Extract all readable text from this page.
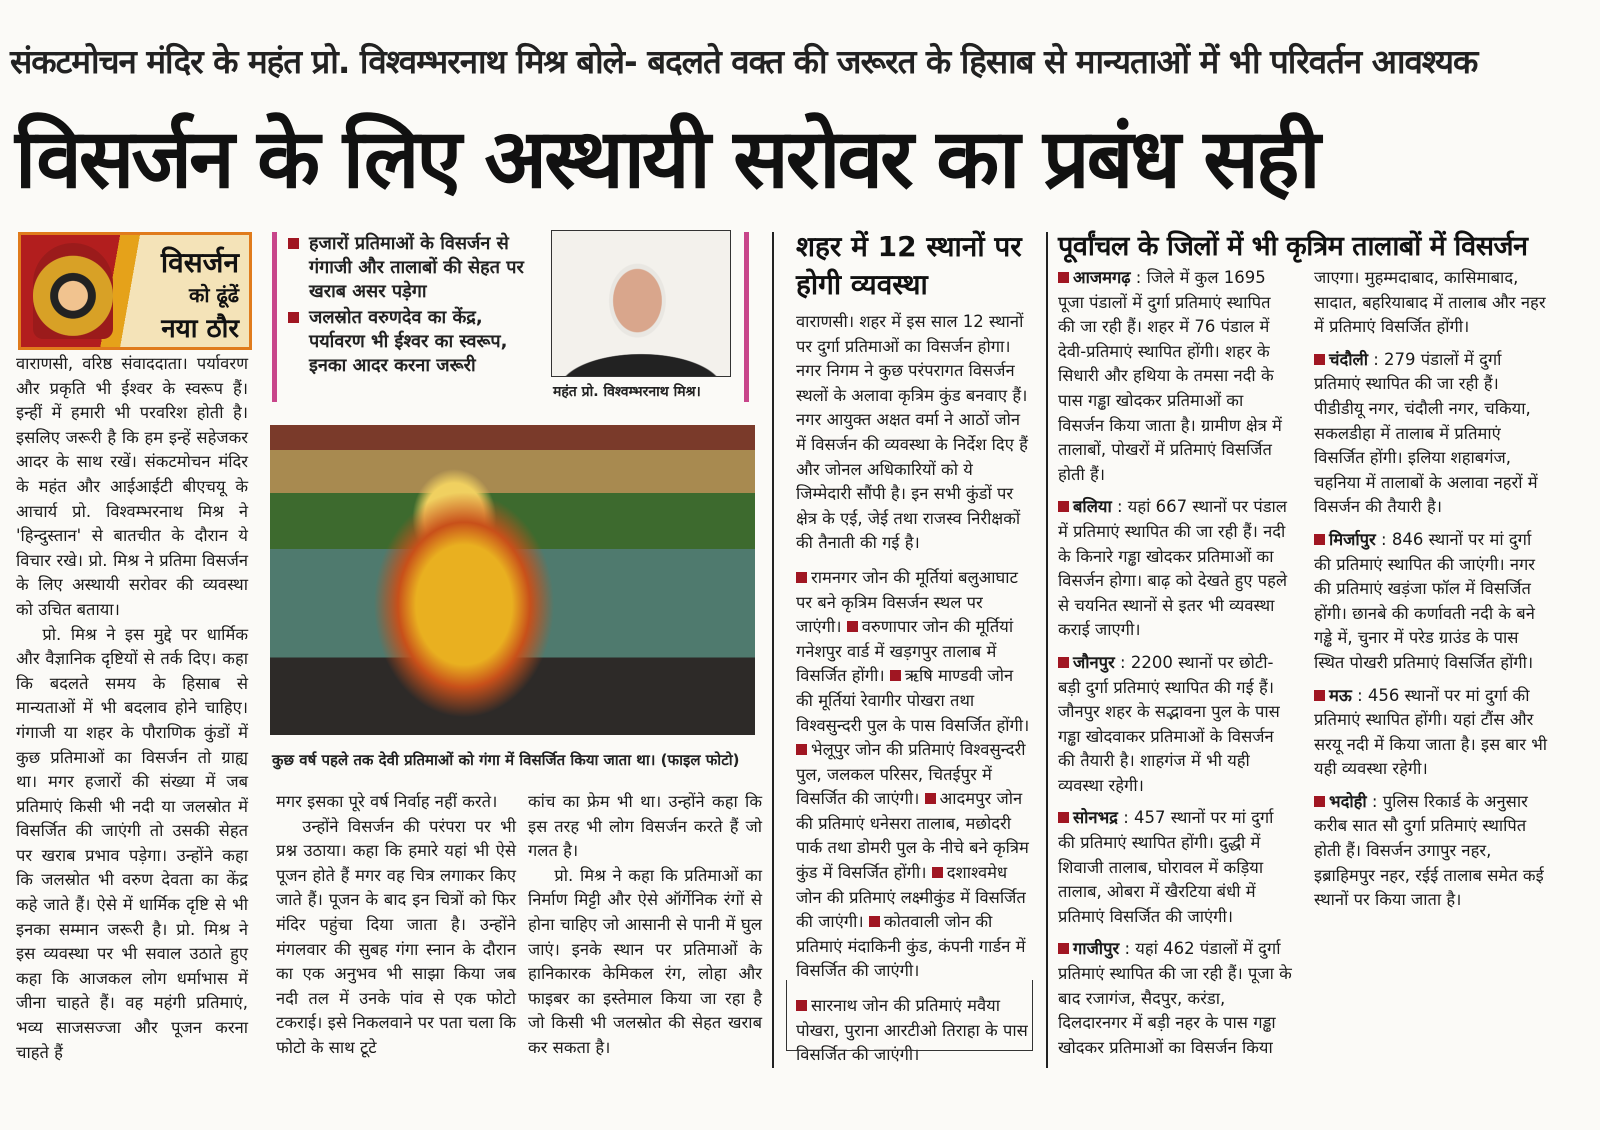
संकटमोचन मंदिर के महंत प्रो. विश्वम्भरनाथ मिश्र बोले- बदलते वक्त की जरूरत के हिसाब से मान्यताओं में भी परिवर्तन आवश्यक
विसर्जन के लिए अस्थायी सरोवर का प्रबंध सही
विसर्जन
को ढूंढें
नया ठौर

वाराणसी, वरिष्ठ संवाददाता। पर्यावरण और प्रकृति भी ईश्वर के स्वरूप हैं। इन्हीं में हमारी भी परवरिश होती है। इसलिए जरूरी है कि हम इन्हें सहेजकर आदर के साथ रखें। संकटमोचन मंदिर के महंत और आईआईटी बीएचयू के आचार्य प्रो. विश्वम्भरनाथ मिश्र ने 'हिन्दुस्तान' से बातचीत के दौरान ये विचार रखे। प्रो. मिश्र ने प्रतिमा विसर्जन के लिए अस्थायी सरोवर की व्यवस्था को उचित बताया।

प्रो. मिश्र ने इस मुद्दे पर धार्मिक और वैज्ञानिक दृष्टियों से तर्क दिए। कहा कि बदलते समय के हिसाब से मान्यताओं में भी बदलाव होने चाहिए। गंगाजी या शहर के पौराणिक कुंडों में कुछ प्रतिमाओं का विसर्जन तो ग्राह्य था। मगर हजारों की संख्या में जब प्रतिमाएं किसी भी नदी या जलस्रोत में विसर्जित की जाएंगी तो उसकी सेहत पर खराब प्रभाव पड़ेगा। उन्होंने कहा कि जलस्रोत भी वरुण देवता का केंद्र कहे जाते हैं। ऐसे में धार्मिक दृष्टि से भी इनका सम्मान जरूरी है। प्रो. मिश्र ने इस व्यवस्था पर भी सवाल उठाते हुए कहा कि आजकल लोग धर्माभास में जीना चाहते हैं। वह महंगी प्रतिमाएं, भव्य साजसज्जा और पूजन करना चाहते हैं

हजारों प्रतिमाओं के विसर्जन से गंगाजी और तालाबों की सेहत पर खराब असर पड़ेगा
जलस्रोत वरुणदेव का केंद्र, पर्यावरण भी ईश्वर का स्वरूप, इनका आदर करना जरूरी
महंत प्रो. विश्वम्भरनाथ मिश्र।
कुछ वर्ष पहले तक देवी प्रतिमाओं को गंगा में विसर्जित किया जाता था। (फाइल फोटो)

मगर इसका पूरे वर्ष निर्वाह नहीं करते।

उन्होंने विसर्जन की परंपरा पर भी प्रश्न उठाया। कहा कि हमारे यहां भी ऐसे पूजन होते हैं मगर वह चित्र लगाकर किए जाते हैं। पूजन के बाद इन चित्रों को फिर मंदिर पहुंचा दिया जाता है। उन्होंने मंगलवार की सुबह गंगा स्नान के दौरान का एक अनुभव भी साझा किया जब नदी तल में उनके पांव से एक फोटो टकराई। इसे निकलवाने पर पता चला कि फोटो के साथ टूटे

कांच का फ्रेम भी था। उन्होंने कहा कि इस तरह भी लोग विसर्जन करते हैं जो गलत है।

प्रो. मिश्र ने कहा कि प्रतिमाओं का निर्माण मिट्टी और ऐसे ऑर्गेनिक रंगों से होना चाहिए जो आसानी से पानी में घुल जाएं। इनके स्थान पर प्रतिमाओं के हानिकारक केमिकल रंग, लोहा और फाइबर का इस्तेमाल किया जा रहा है जो किसी भी जलस्रोत की सेहत खराब कर सकता है।

शहर में 12 स्थानों पर होगी व्यवस्था

वाराणसी। शहर में इस साल 12 स्थानों पर दुर्गा प्रतिमाओं का विसर्जन होगा। नगर निगम ने कुछ परंपरागत विसर्जन स्थलों के अलावा कृत्रिम कुंड बनवाए हैं। नगर आयुक्त अक्षत वर्मा ने आठों जोन में विसर्जन की व्यवस्था के निर्देश दिए हैं और जोनल अधिकारियों को ये जिम्मेदारी सौंपी है। इन सभी कुंडों पर क्षेत्र के एई, जेई तथा राजस्व निरीक्षकों की तैनाती की गई है।

रामनगर जोन की मूर्तियां बलुआघाट पर बने कृत्रिम विसर्जन स्थल पर जाएंगी। वरुणापार जोन की मूर्तियां गनेशपुर वार्ड में खड़गपुर तालाब में विसर्जित होंगी। ऋषि माण्डवी जोन की मूर्तियां रेवागीर पोखरा तथा विश्वसुन्दरी पुल के पास विसर्जित होंगी। भेलूपुर जोन की प्रतिमाएं विश्वसुन्दरी पुल, जलकल परिसर, चितईपुर में विसर्जित की जाएंगी। आदमपुर जोन की प्रतिमाएं धनेसरा तालाब, मछोदरी पार्क तथा डोमरी पुल के नीचे बने कृत्रिम कुंड में विसर्जित होंगी। दशाश्वमेध जोन की प्रतिमाएं लक्ष्मीकुंड में विसर्जित की जाएंगी। कोतवाली जोन की प्रतिमाएं मंदाकिनी कुंड, कंपनी गार्डन में विसर्जित की जाएंगी।

सारनाथ जोन की प्रतिमाएं मवैया पोखरा, पुराना आरटीओ तिराहा के पास विसर्जित की जाएंगी।

पूर्वांचल के जिलों में भी कृत्रिम तालाबों में विसर्जन

आजमगढ़ : जिले में कुल 1695 पूजा पंडालों में दुर्गा प्रतिमाएं स्थापित की जा रही हैं। शहर में 76 पंडाल में देवी-प्रतिमाएं स्थापित होंगी। शहर के सिधारी और हथिया के तमसा नदी के पास गड्ढा खोदकर प्रतिमाओं का विसर्जन किया जाता है। ग्रामीण क्षेत्र में तालाबों, पोखरों में प्रतिमाएं विसर्जित होती हैं।

बलिया : यहां 667 स्थानों पर पंडाल में प्रतिमाएं स्थापित की जा रही हैं। नदी के किनारे गड्ढा खोदकर प्रतिमाओं का विसर्जन होगा। बाढ़ को देखते हुए पहले से चयनित स्थानों से इतर भी व्यवस्था कराई जाएगी।

जौनपुर : 2200 स्थानों पर छोटी-बड़ी दुर्गा प्रतिमाएं स्थापित की गई हैं। जौनपुर शहर के सद्भावना पुल के पास गड्ढा खोदवाकर प्रतिमाओं के विसर्जन की तैयारी है। शाहगंज में भी यही व्यवस्था रहेगी।

सोनभद्र : 457 स्थानों पर मां दुर्गा की प्रतिमाएं स्थापित होंगी। दुद्धी में शिवाजी तालाब, घोरावल में कड़िया तालाब, ओबरा में खैरटिया बंधी में प्रतिमाएं विसर्जित की जाएंगी।

गाजीपुर : यहां 462 पंडालों में दुर्गा प्रतिमाएं स्थापित की जा रही हैं। पूजा के बाद रजागंज, सैदपुर, करंडा, दिलदारनगर में बड़ी नहर के पास गड्ढा खोदकर प्रतिमाओं का विसर्जन किया जाएगा। मुहम्मदाबाद, कासिमाबाद, सादात, बहरियाबाद में तालाब और नहर में प्रतिमाएं विसर्जित होंगी।

चंदौली : 279 पंडालों में दुर्गा प्रतिमाएं स्थापित की जा रही हैं। पीडीडीयू नगर, चंदौली नगर, चकिया, सकलडीहा में तालाब में प्रतिमाएं विसर्जित होंगी। इलिया शहाबगंज, चहनिया में तालाबों के अलावा नहरों में विसर्जन की तैयारी है।

मिर्जापुर : 846 स्थानों पर मां दुर्गा की प्रतिमाएं स्थापित की जाएंगी। नगर की प्रतिमाएं खड़ंजा फॉल में विसर्जित होंगी। छानबे की कर्णावती नदी के बने गड्ढे में, चुनार में परेड ग्राउंड के पास स्थित पोखरी प्रतिमाएं विसर्जित होंगी।

मऊ : 456 स्थानों पर मां दुर्गा की प्रतिमाएं स्थापित होंगी। यहां टौंस और सरयू नदी में किया जाता है। इस बार भी यही व्यवस्था रहेगी।

भदोही : पुलिस रिकार्ड के अनुसार करीब सात सौ दुर्गा प्रतिमाएं स्थापित होती हैं। विसर्जन उगापुर नहर, इब्राहिमपुर नहर, रईई तालाब समेत कई स्थानों पर किया जाता है।
